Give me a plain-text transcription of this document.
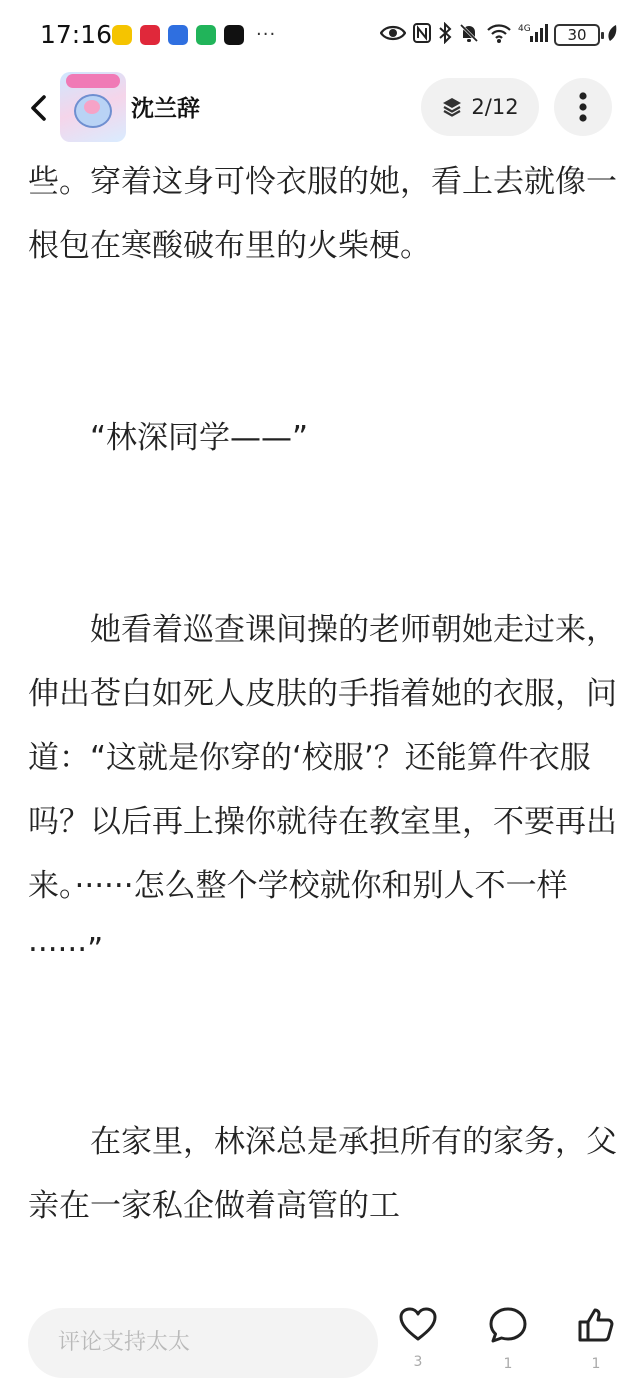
17:16	···	4G	30
沈兰辞	2/12

些。穿着这身可怜衣服的她，看上去就像一根包在寒酸破布里的火柴梗。

“林深同学——”

她看着巡查课间操的老师朝她走过来，伸出苍白如死人皮肤的手指着她的衣服，问道：“这就是你穿的‘校服’？还能算件衣服吗？以后再上操你就待在教室里，不要再出来。······怎么整个学校就你和别人不一样······”

在家里，林深总是承担所有的家务，父亲在一家私企做着高管的工

评论支持太太
3	1	1
